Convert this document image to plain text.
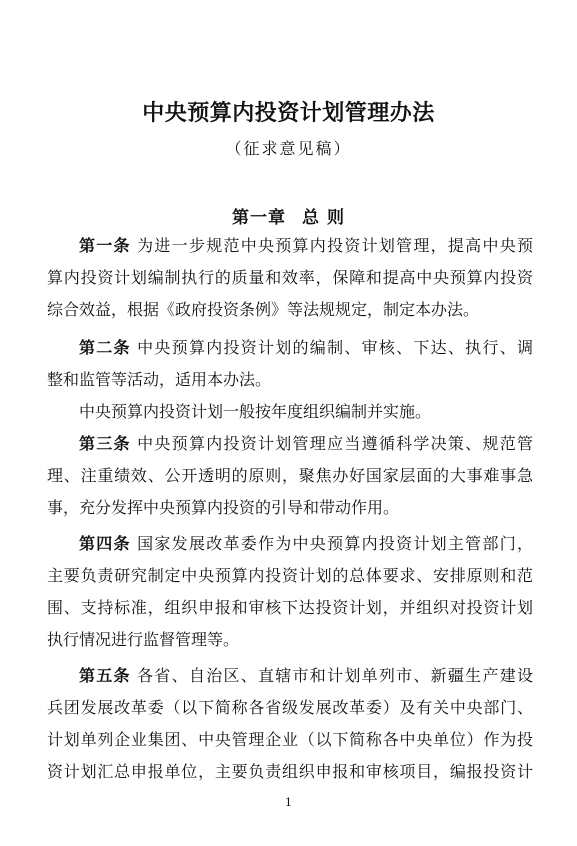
中央预算内投资计划管理办法
（征求意见稿）
第一章 总 则
第一条 为进一步规范中央预算内投资计划管理，提高中央预
算内投资计划编制执行的质量和效率，保障和提高中央预算内投资
综合效益，根据《政府投资条例》等法规规定，制定本办法。
第二条 中央预算内投资计划的编制、审核、下达、执行、调
整和监管等活动，适用本办法。
中央预算内投资计划一般按年度组织编制并实施。
第三条 中央预算内投资计划管理应当遵循科学决策、规范管
理、注重绩效、公开透明的原则，聚焦办好国家层面的大事难事急
事，充分发挥中央预算内投资的引导和带动作用。
第四条 国家发展改革委作为中央预算内投资计划主管部门，
主要负责研究制定中央预算内投资计划的总体要求、安排原则和范
围、支持标准，组织申报和审核下达投资计划，并组织对投资计划
执行情况进行监督管理等。
第五条 各省、自治区、直辖市和计划单列市、新疆生产建设
兵团发展改革委（以下简称各省级发展改革委）及有关中央部门、
计划单列企业集团、中央管理企业（以下简称各中央单位）作为投
资计划汇总申报单位，主要负责组织申报和审核项目，编报投资计
1
